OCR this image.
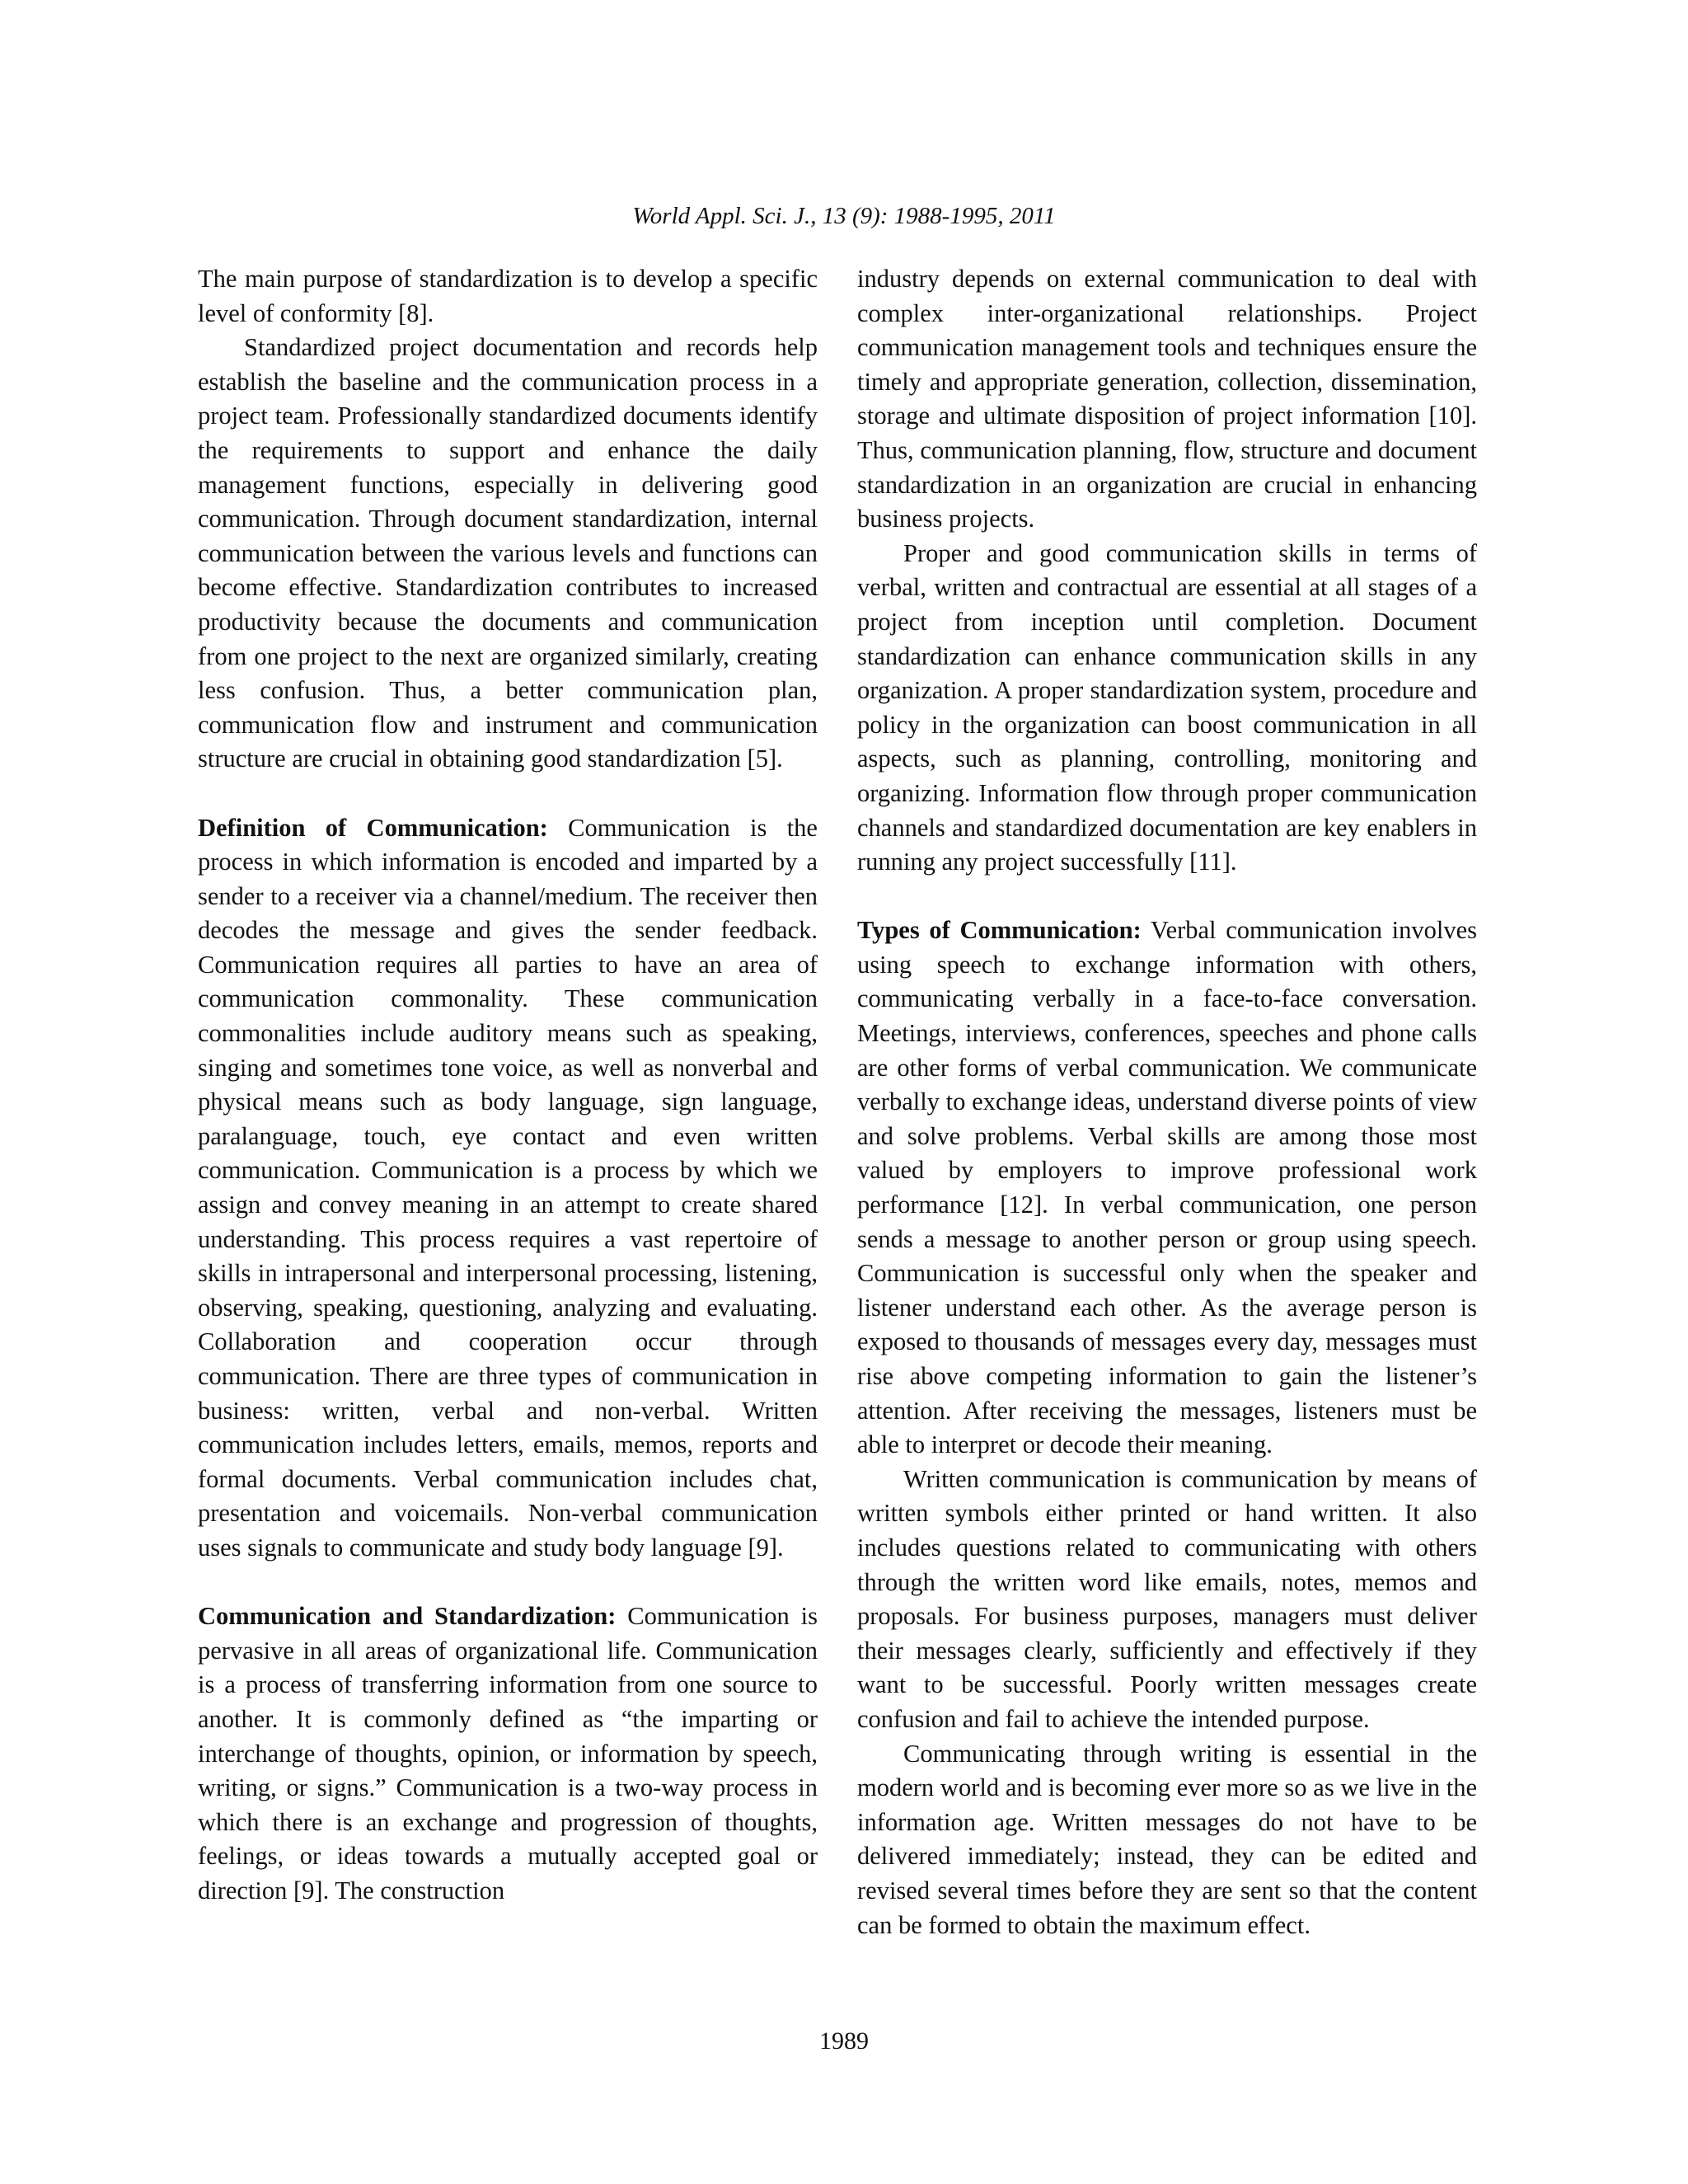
World Appl. Sci. J., 13 (9): 1988-1995, 2011

The main purpose of standardization is to develop a specific level of conformity [8].

Standardized project documentation and records help establish the baseline and the communication process in a project team. Professionally standardized documents identify the requirements to support and enhance the daily management functions, especially in delivering good communication. Through document standardization, internal communication between the various levels and functions can become effective. Standardization contributes to increased productivity because the documents and communication from one project to the next are organized similarly, creating less confusion. Thus, a better communication plan, communication flow and instrument and communication structure are crucial in obtaining good standardization [5].

Definition of Communication: Communication is the process in which information is encoded and imparted by a sender to a receiver via a channel/medium. The receiver then decodes the message and gives the sender feedback. Communication requires all parties to have an area of communication commonality. These communication commonalities include auditory means such as speaking, singing and sometimes tone voice, as well as nonverbal and physical means such as body language, sign language, paralanguage, touch, eye contact and even written communication. Communication is a process by which we assign and convey meaning in an attempt to create shared understanding. This process requires a vast repertoire of skills in intrapersonal and interpersonal processing, listening, observing, speaking, questioning, analyzing and evaluating. Collaboration and cooperation occur through communication. There are three types of communication in business: written, verbal and non-verbal. Written communication includes letters, emails, memos, reports and formal documents. Verbal communication includes chat, presentation and voicemails. Non-verbal communication uses signals to communicate and study body language [9].

Communication and Standardization: Communication is pervasive in all areas of organizational life. Communication is a process of transferring information from one source to another. It is commonly defined as “the imparting or interchange of thoughts, opinion, or information by speech, writing, or signs.” Communication is a two-way process in which there is an exchange and progression of thoughts, feelings, or ideas towards a mutually accepted goal or direction [9]. The construction

industry depends on external communication to deal with complex inter-organizational relationships. Project communication management tools and techniques ensure the timely and appropriate generation, collection, dissemination, storage and ultimate disposition of project information [10]. Thus, communication planning, flow, structure and document standardization in an organization are crucial in enhancing business projects.

Proper and good communication skills in terms of verbal, written and contractual are essential at all stages of a project from inception until completion. Document standardization can enhance communication skills in any organization. A proper standardization system, procedure and policy in the organization can boost communication in all aspects, such as planning, controlling, monitoring and organizing. Information flow through proper communication channels and standardized documentation are key enablers in running any project successfully [11].

Types of Communication: Verbal communication involves using speech to exchange information with others, communicating verbally in a face-to-face conversation. Meetings, interviews, conferences, speeches and phone calls are other forms of verbal communication. We communicate verbally to exchange ideas, understand diverse points of view and solve problems. Verbal skills are among those most valued by employers to improve professional work performance [12]. In verbal communication, one person sends a message to another person or group using speech. Communication is successful only when the speaker and listener understand each other. As the average person is exposed to thousands of messages every day, messages must rise above competing information to gain the listener’s attention. After receiving the messages, listeners must be able to interpret or decode their meaning.

Written communication is communication by means of written symbols either printed or hand written. It also includes questions related to communicating with others through the written word like emails, notes, memos and proposals. For business purposes, managers must deliver their messages clearly, sufficiently and effectively if they want to be successful. Poorly written messages create confusion and fail to achieve the intended purpose.

Communicating through writing is essential in the modern world and is becoming ever more so as we live in the information age. Written messages do not have to be delivered immediately; instead, they can be edited and revised several times before they are sent so that the content can be formed to obtain the maximum effect.

1989
